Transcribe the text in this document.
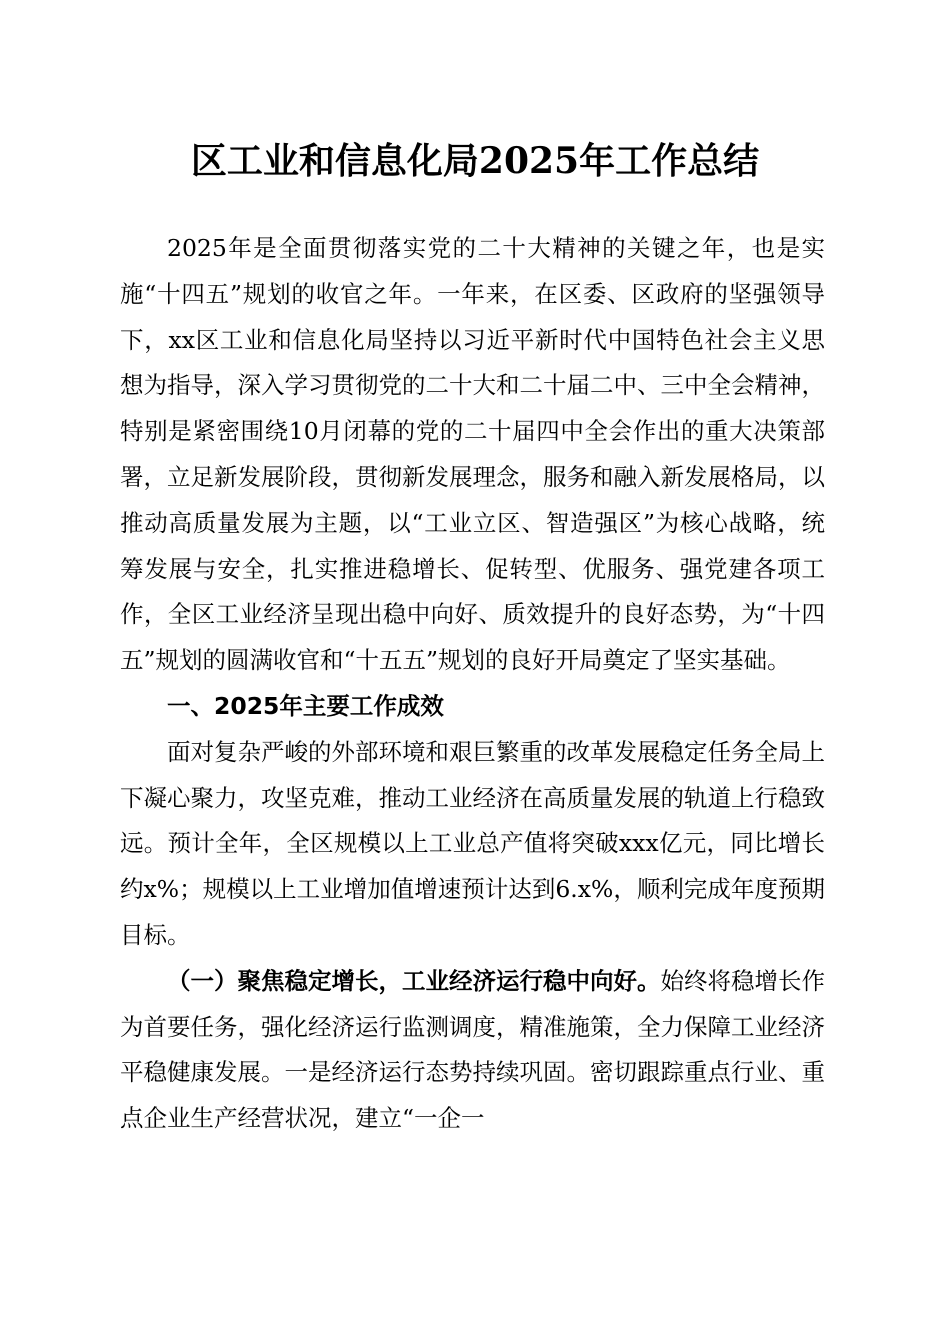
区工业和信息化局2025年工作总结

2025年是全面贯彻落实党的二十大精神的关键之年，也是实施“十四五”规划的收官之年。一年来，在区委、区政府的坚强领导下，xx区工业和信息化局坚持以习近平新时代中国特色社会主义思想为指导，深入学习贯彻党的二十大和二十届二中、三中全会精神，特别是紧密围绕10月闭幕的党的二十届四中全会作出的重大决策部署，立足新发展阶段，贯彻新发展理念，服务和融入新发展格局，以推动高质量发展为主题，以“工业立区、智造强区”为核心战略，统筹发展与安全，扎实推进稳增长、促转型、优服务、强党建各项工作，全区工业经济呈现出稳中向好、质效提升的良好态势，为“十四五”规划的圆满收官和“十五五”规划的良好开局奠定了坚实基础。

一、2025年主要工作成效

面对复杂严峻的外部环境和艰巨繁重的改革发展稳定任务全局上下凝心聚力，攻坚克难，推动工业经济在高质量发展的轨道上行稳致远。预计全年，全区规模以上工业总产值将突破xxx亿元，同比增长约x%；规模以上工业增加值增速预计达到6.x%，顺利完成年度预期目标。

（一）聚焦稳定增长，工业经济运行稳中向好。始终将稳增长作为首要任务，强化经济运行监测调度，精准施策，全力保障工业经济平稳健康发展。一是经济运行态势持续巩固。密切跟踪重点行业、重点企业生产经营状况，建立“一企一
